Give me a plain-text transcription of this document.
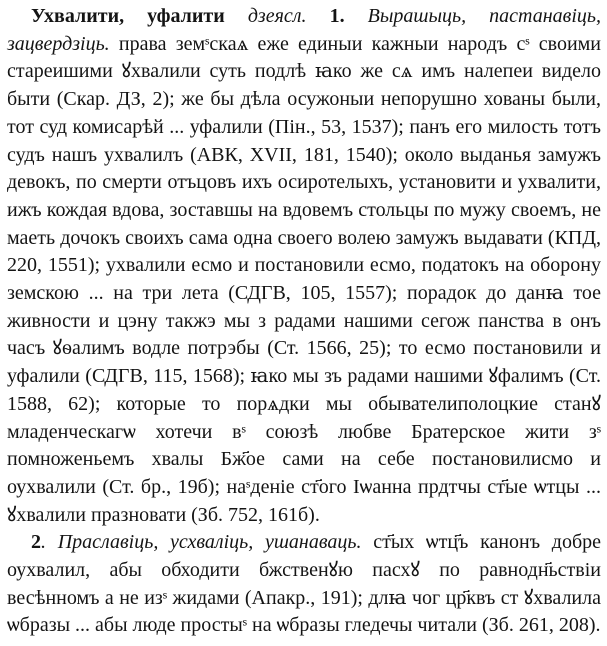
Ухвалити, уфалити дзеясл. 1. Вырашыць, пастанавіць, зацвердзіць. права земˢскаѧ еже единыи кажныи народъ сˢ своими стареишими ꙋхвалили суть подлѣ ꙗко же сѧ имъ налепеи видело быти (Скар. ДЗ, 2); же бы дѣла осужоныи непорушно хованы были, тот суд комисарѣй ... уфалили (Пін., 53, 1537); панъ его милость тотъ судъ нашъ ухвалилъ (АВК, XVII, 181, 1540); около выданья замужъ девокъ, по смерти отъцовъ ихъ осиротелыхъ, установити и ухвалити, ижъ кождая вдова, зоставшы на вдовемъ стольцы по мужу своемъ, не маеть дочокъ своихъ сама одна своего волею замужъ выдавати (КПД, 220, 1551); ухвалили есмо и постановили есмо, податокъ на оборону земскою ... на три лета (СДГВ, 105, 1557); порадок до данꙗ тое живности и цэну такжэ мы з радами нашими сегож панства в онъ часъ ꙋѳалимъ водле потрэбы (Ст. 1566, 25); то есмо постановили и уфалили (СДГВ, 115, 1568); ꙗко мы зъ радами нашими ꙋфалимъ (Ст. 1588, 62); которые то порѧдки мы обывателиполоцкие станꙋ младенческагѡ хотечи вˢ союзѣ любве Братерское жити зˢ помноженьемъ хвалы Бж҃ое сами на себе постановилисмо и оухвалили (Ст. бр., 19б); наˢденіе ст҃ого Iѡанна прдтчы ст҃ые ѡтцы ... ꙋхвалили празновати (Зб. 752, 161б).

2. Праславіць, усхваліць, ушанаваць. ст҃ых ѡтц҃ъ канонъ добре оухвалил, абы обходити бжственꙋю пасхꙋ по равнодн҃ьствіи весѣнномъ а не изˢ жидами (Апакр., 191); длꙗ чог цр҃квъ ст ꙋхвалила ѡбразы ... абы люде простыˢ на ѡбразы гледечы читали (Зб. 261, 208).
